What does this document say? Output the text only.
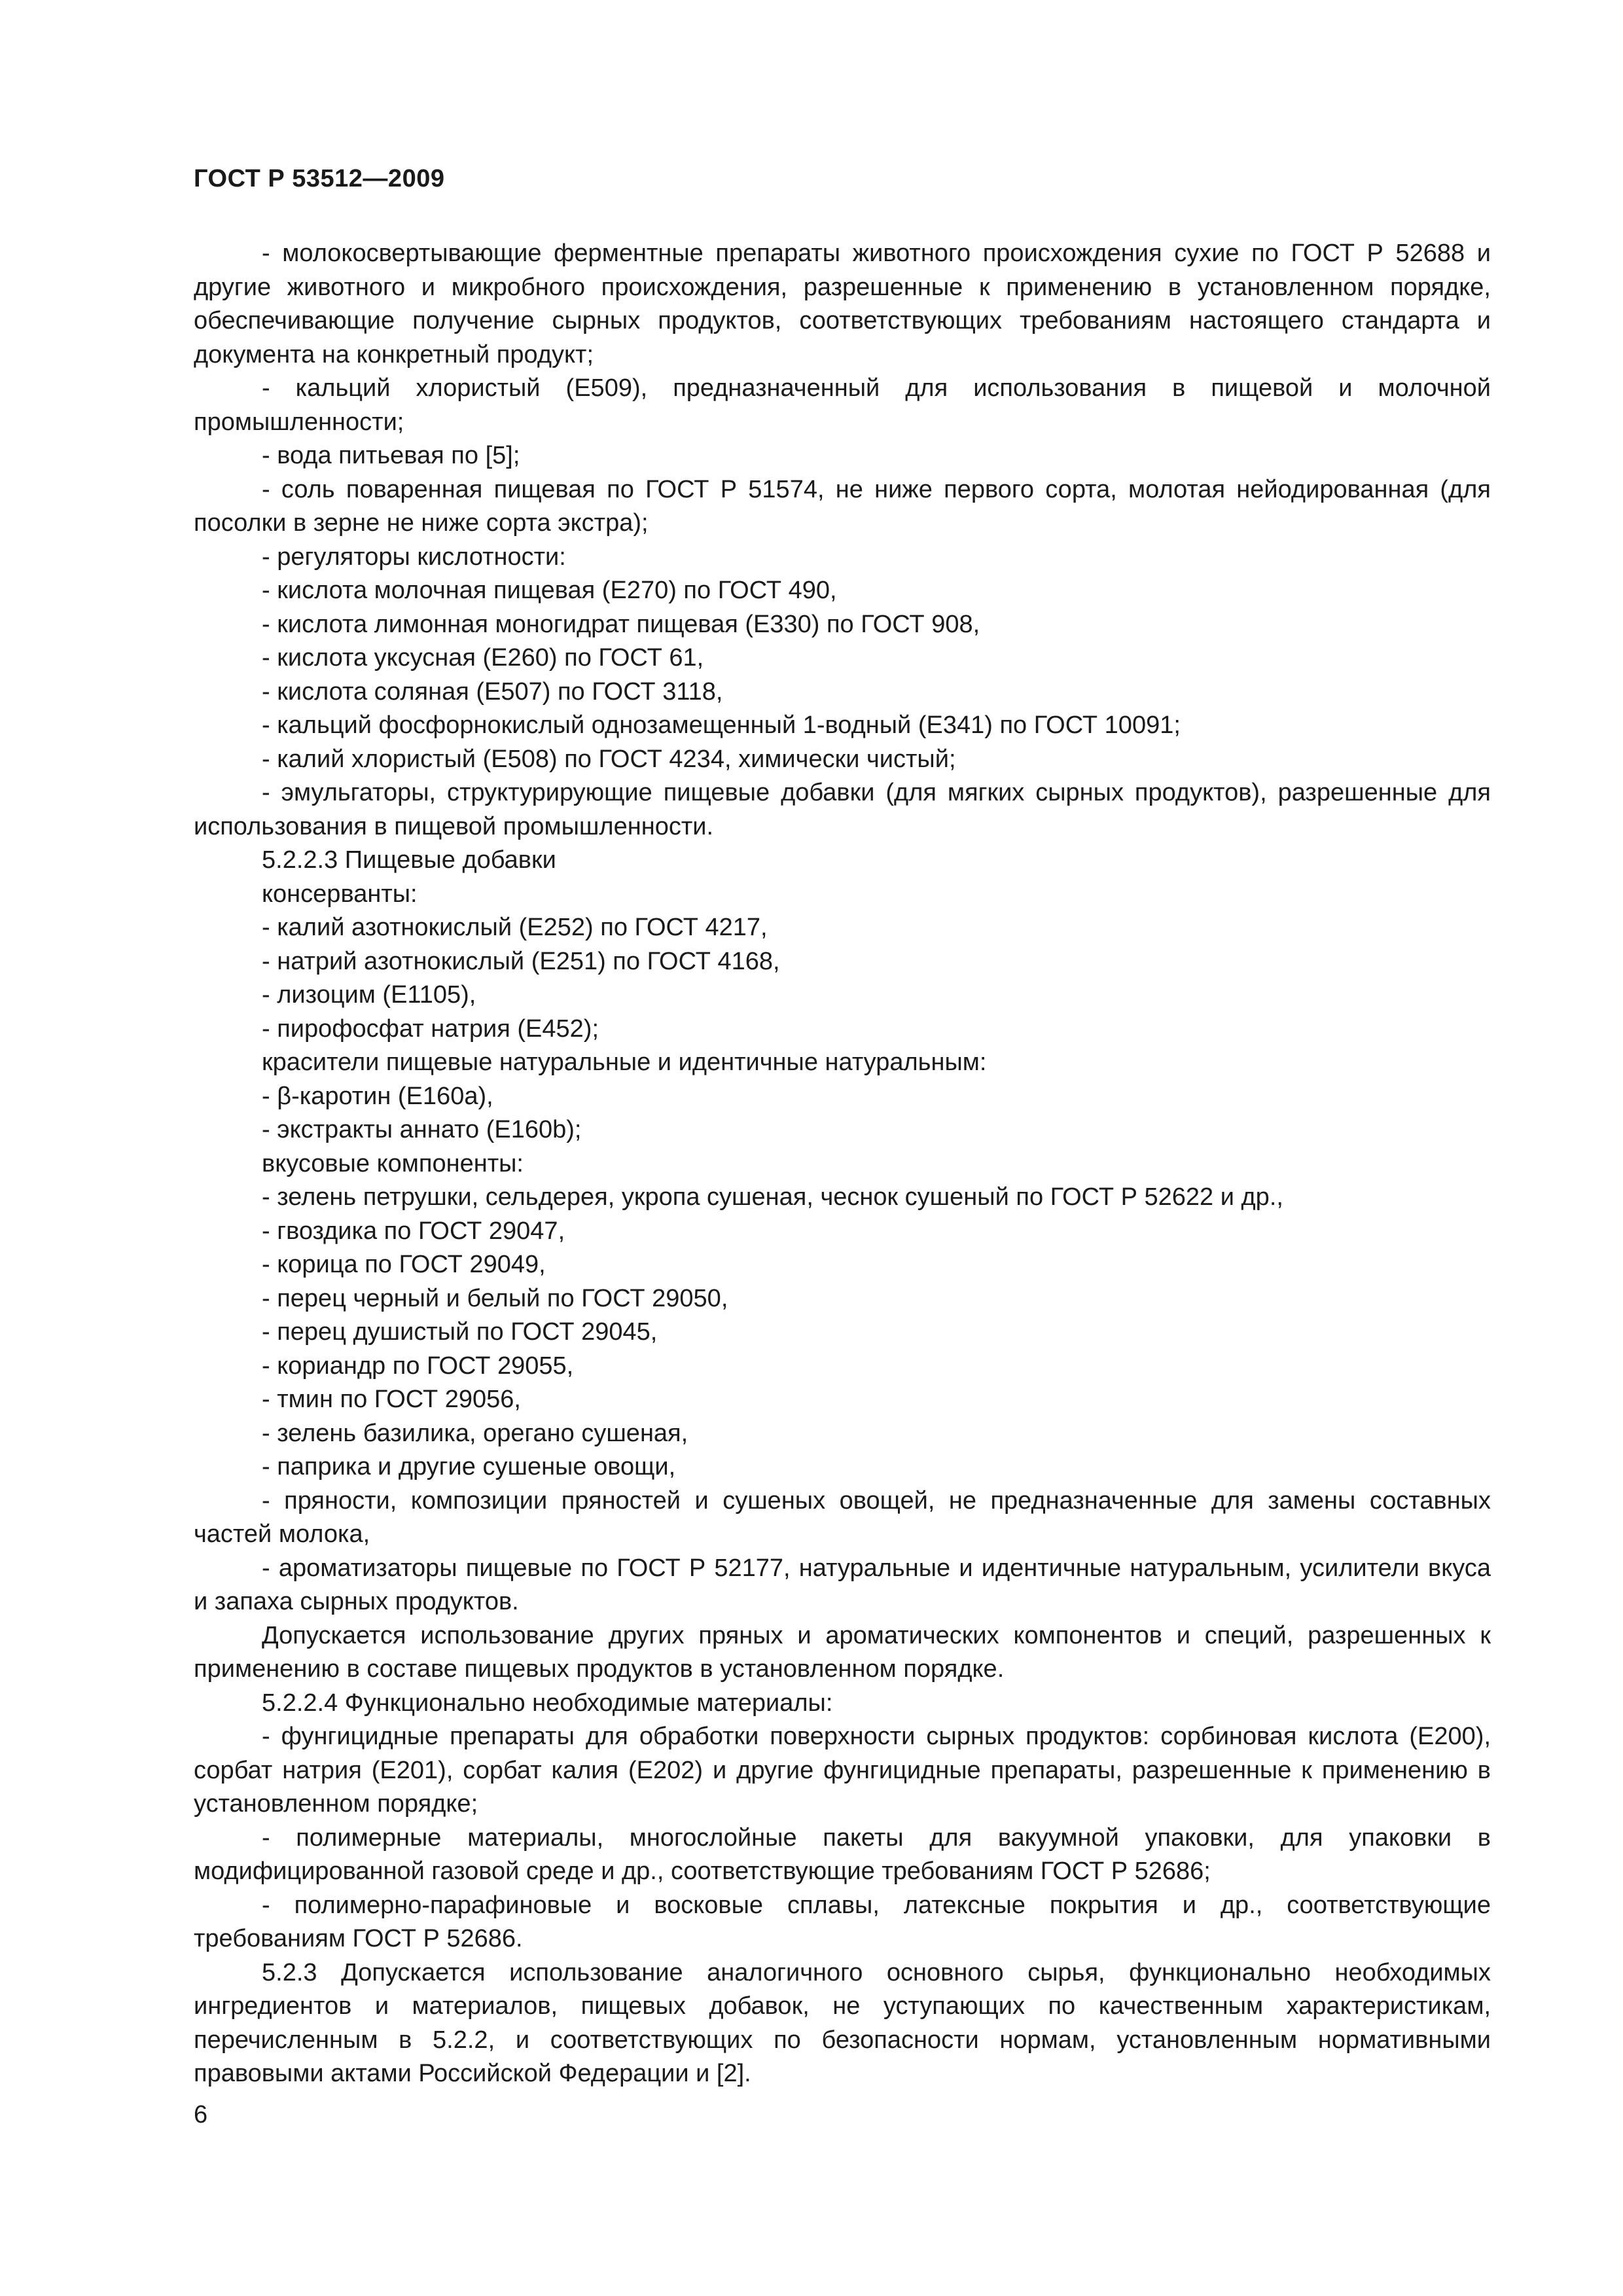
ГОСТ Р 53512—2009

- молокосвертывающие ферментные препараты животного происхождения сухие по ГОСТ Р 52688 и другие животного и микробного происхождения, разрешенные к применению в установленном порядке, обеспечивающие получение сырных продуктов, соответствующих требованиям настоящего стандарта и документа на конкретный продукт;

- кальций хлористый (Е509), предназначенный для использования в пищевой и молочной промышленности;

- вода питьевая по [5];

- соль поваренная пищевая по ГОСТ Р 51574, не ниже первого сорта, молотая нейодированная (для посолки в зерне не ниже сорта экстра);

- регуляторы кислотности:

- кислота молочная пищевая (Е270) по ГОСТ 490,

- кислота лимонная моногидрат пищевая (Е330) по ГОСТ 908,

- кислота уксусная (Е260) по ГОСТ 61,

- кислота соляная (Е507) по ГОСТ 3118,

- кальций фосфорнокислый однозамещенный 1-водный (Е341) по ГОСТ 10091;

- калий хлористый (Е508) по ГОСТ 4234, химически чистый;

- эмульгаторы, структурирующие пищевые добавки (для мягких сырных продуктов), разрешенные для использования в пищевой промышленности.

5.2.2.3 Пищевые добавки

консерванты:

- калий азотнокислый (Е252) по ГОСТ 4217,

- натрий азотнокислый (Е251) по ГОСТ 4168,

- лизоцим (Е1105),

- пирофосфат натрия (Е452);

красители пищевые натуральные и идентичные натуральным:

- β-каротин (Е160а),

- экстракты аннато (Е160b);

вкусовые компоненты:

- зелень петрушки, сельдерея, укропа сушеная, чеснок сушеный по ГОСТ Р 52622 и др.,

- гвоздика по ГОСТ 29047,

- корица по ГОСТ 29049,

- перец черный и белый по ГОСТ 29050,

- перец душистый по ГОСТ 29045,

- кориандр по ГОСТ 29055,

- тмин по ГОСТ 29056,

- зелень базилика, орегано сушеная,

- паприка и другие сушеные овощи,

- пряности, композиции пряностей и сушеных овощей, не предназначенные для замены составных частей молока,

- ароматизаторы пищевые по ГОСТ Р 52177, натуральные и идентичные натуральным, усилители вкуса и запаха сырных продуктов.

Допускается использование других пряных и ароматических компонентов и специй, разрешенных к применению в составе пищевых продуктов в установленном порядке.

5.2.2.4 Функционально необходимые материалы:

- фунгицидные препараты для обработки поверхности сырных продуктов: сорбиновая кислота (Е200), сорбат натрия (Е201), сорбат калия (Е202) и другие фунгицидные препараты, разрешенные к применению в установленном порядке;

- полимерные материалы, многослойные пакеты для вакуумной упаковки, для упаковки в модифицированной газовой среде и др., соответствующие требованиям ГОСТ Р 52686;

- полимерно-парафиновые и восковые сплавы, латексные покрытия и др., соответствующие требованиям ГОСТ Р 52686.

5.2.3 Допускается использование аналогичного основного сырья, функционально необходимых ингредиентов и материалов, пищевых добавок, не уступающих по качественным характеристикам, перечисленным в 5.2.2, и соответствующих по безопасности нормам, установленным нормативными правовыми актами Российской Федерации и [2].

6
